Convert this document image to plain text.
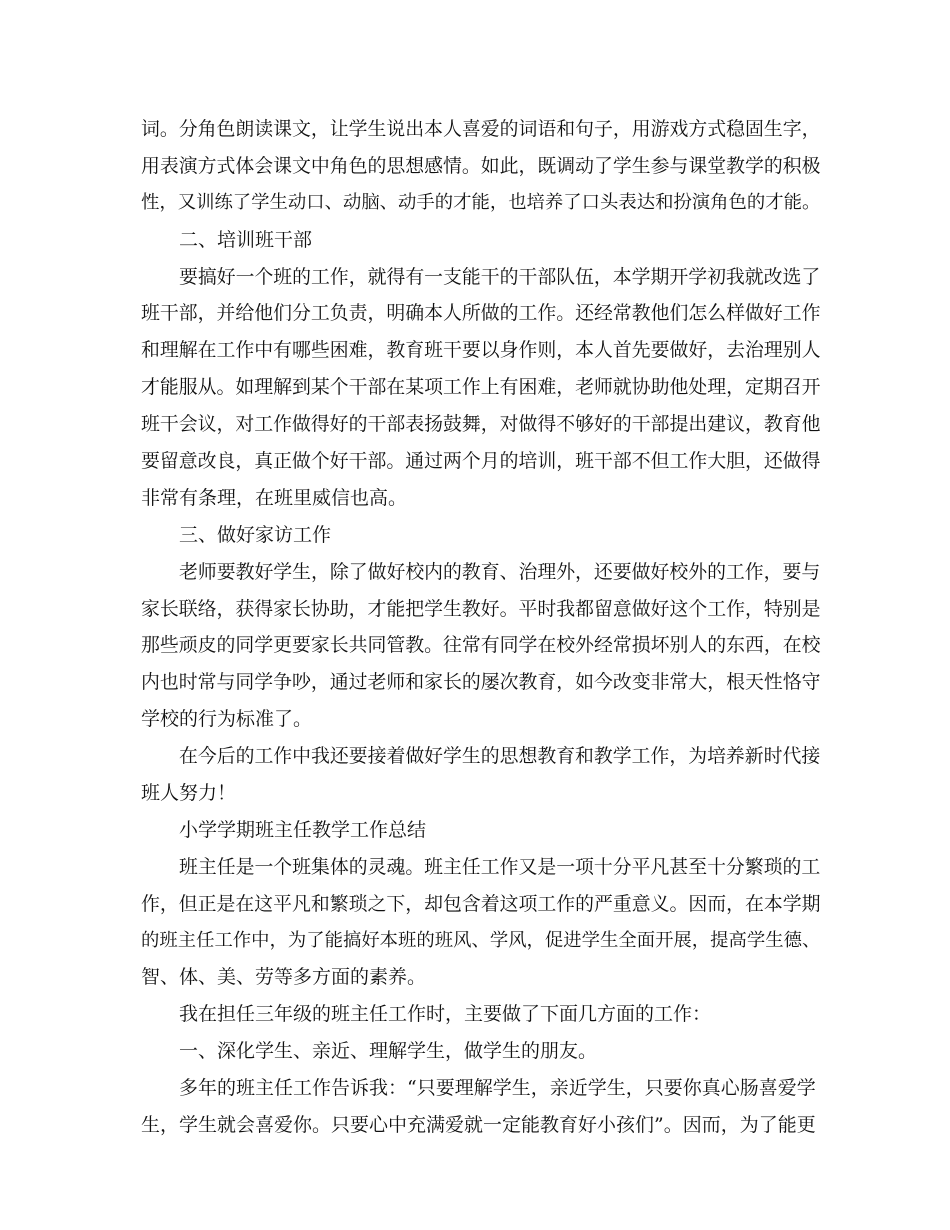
词。分角色朗读课文，让学生说出本人喜爱的词语和句子，用游戏方式稳固生字，
用表演方式体会课文中角色的思想感情。如此，既调动了学生参与课堂教学的积极
性，又训练了学生动口、动脑、动手的才能，也培养了口头表达和扮演角色的才能。
二、培训班干部
要搞好一个班的工作，就得有一支能干的干部队伍，本学期开学初我就改选了
班干部，并给他们分工负责，明确本人所做的工作。还经常教他们怎么样做好工作
和理解在工作中有哪些困难，教育班干要以身作则，本人首先要做好，去治理别人
才能服从。如理解到某个干部在某项工作上有困难，老师就协助他处理，定期召开
班干会议，对工作做得好的干部表扬鼓舞，对做得不够好的干部提出建议，教育他
要留意改良，真正做个好干部。通过两个月的培训，班干部不但工作大胆，还做得
非常有条理，在班里威信也高。
三、做好家访工作
老师要教好学生，除了做好校内的教育、治理外，还要做好校外的工作，要与
家长联络，获得家长协助，才能把学生教好。平时我都留意做好这个工作，特别是
那些顽皮的同学更要家长共同管教。往常有同学在校外经常损坏别人的东西，在校
内也时常与同学争吵，通过老师和家长的屡次教育，如今改变非常大，根天性恪守
学校的行为标准了。
在今后的工作中我还要接着做好学生的思想教育和教学工作，为培养新时代接
班人努力！
小学学期班主任教学工作总结
班主任是一个班集体的灵魂。班主任工作又是一项十分平凡甚至十分繁琐的工
作，但正是在这平凡和繁琐之下，却包含着这项工作的严重意义。因而，在本学期
的班主任工作中，为了能搞好本班的班风、学风，促进学生全面开展，提高学生德、
智、体、美、劳等多方面的素养。
我在担任三年级的班主任工作时，主要做了下面几方面的工作：
一、深化学生、亲近、理解学生，做学生的朋友。
多年的班主任工作告诉我：“只要理解学生，亲近学生，只要你真心肠喜爱学
生，学生就会喜爱你。只要心中充满爱就一定能教育好小孩们”。因而，为了能更
